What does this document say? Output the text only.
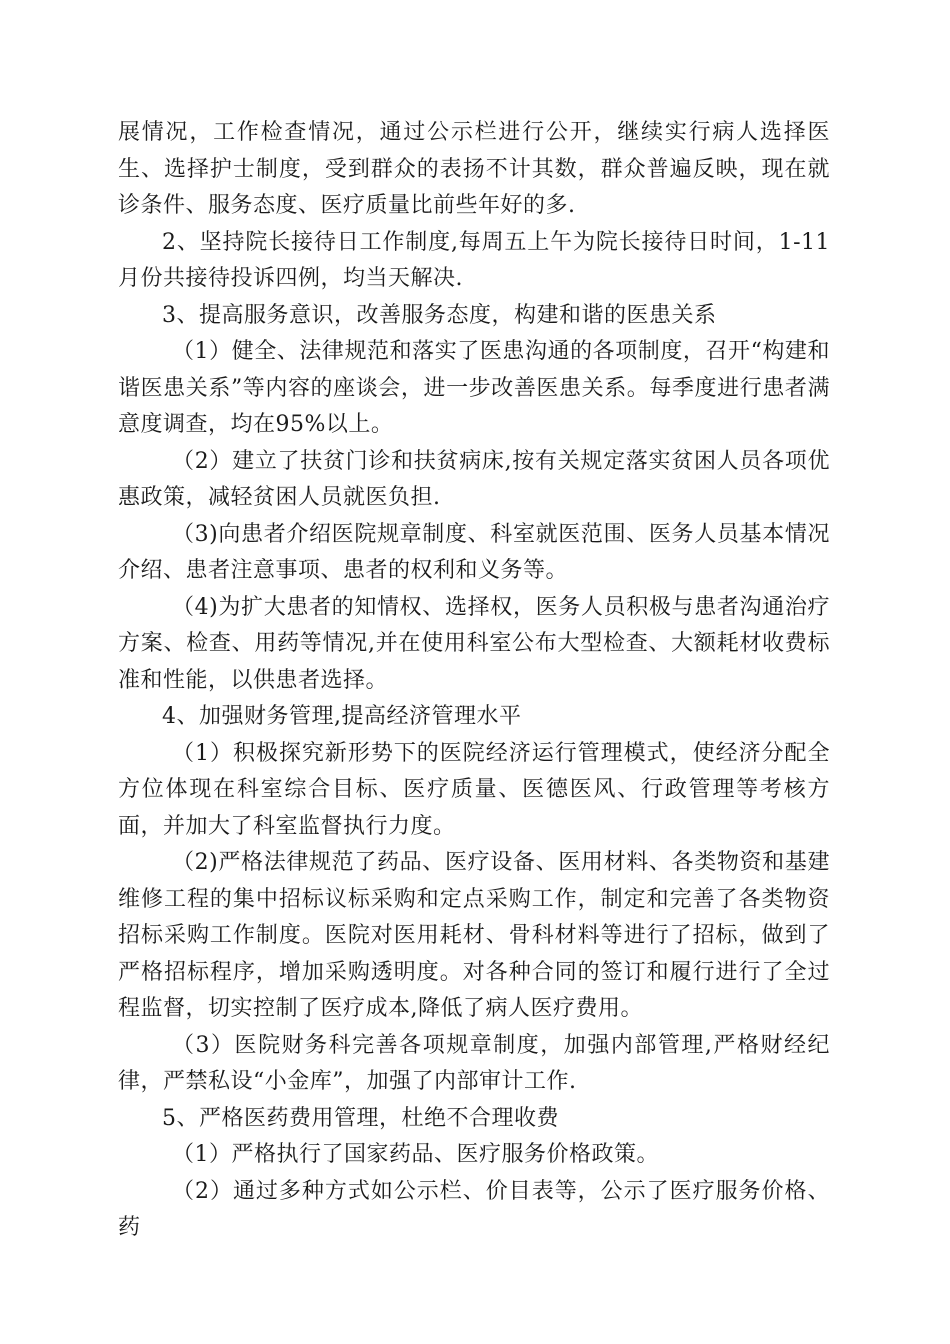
展情况，工作检查情况，通过公示栏进行公开，继续实行病人选择医生、选择护士制度，受到群众的表扬不计其数，群众普遍反映，现在就诊条件、服务态度、医疗质量比前些年好的多.

2、坚持院长接待日工作制度,每周五上午为院长接待日时间，1-11月份共接待投诉四例，均当天解决.

3、提高服务意识，改善服务态度，构建和谐的医患关系

（1）健全、法律规范和落实了医患沟通的各项制度，召开“构建和谐医患关系”等内容的座谈会，进一步改善医患关系。每季度进行患者满意度调查，均在95%以上。

（2）建立了扶贫门诊和扶贫病床,按有关规定落实贫困人员各项优惠政策，减轻贫困人员就医负担.

（3)向患者介绍医院规章制度、科室就医范围、医务人员基本情况介绍、患者注意事项、患者的权利和义务等。

（4)为扩大患者的知情权、选择权，医务人员积极与患者沟通治疗方案、检查、用药等情况,并在使用科室公布大型检查、大额耗材收费标准和性能，以供患者选择。

4、加强财务管理,提高经济管理水平

（1）积极探究新形势下的医院经济运行管理模式，使经济分配全方位体现在科室综合目标、医疗质量、医德医风、行政管理等考核方面，并加大了科室监督执行力度。

（2)严格法律规范了药品、医疗设备、医用材料、各类物资和基建维修工程的集中招标议标采购和定点采购工作，制定和完善了各类物资招标采购工作制度。医院对医用耗材、骨科材料等进行了招标，做到了严格招标程序，增加采购透明度。对各种合同的签订和履行进行了全过程监督，切实控制了医疗成本,降低了病人医疗费用。

（3）医院财务科完善各项规章制度，加强内部管理,严格财经纪律，严禁私设“小金库”，加强了内部审计工作.

5、严格医药费用管理，杜绝不合理收费

（1）严格执行了国家药品、医疗服务价格政策。

（2）通过多种方式如公示栏、价目表等，公示了医疗服务价格、药
